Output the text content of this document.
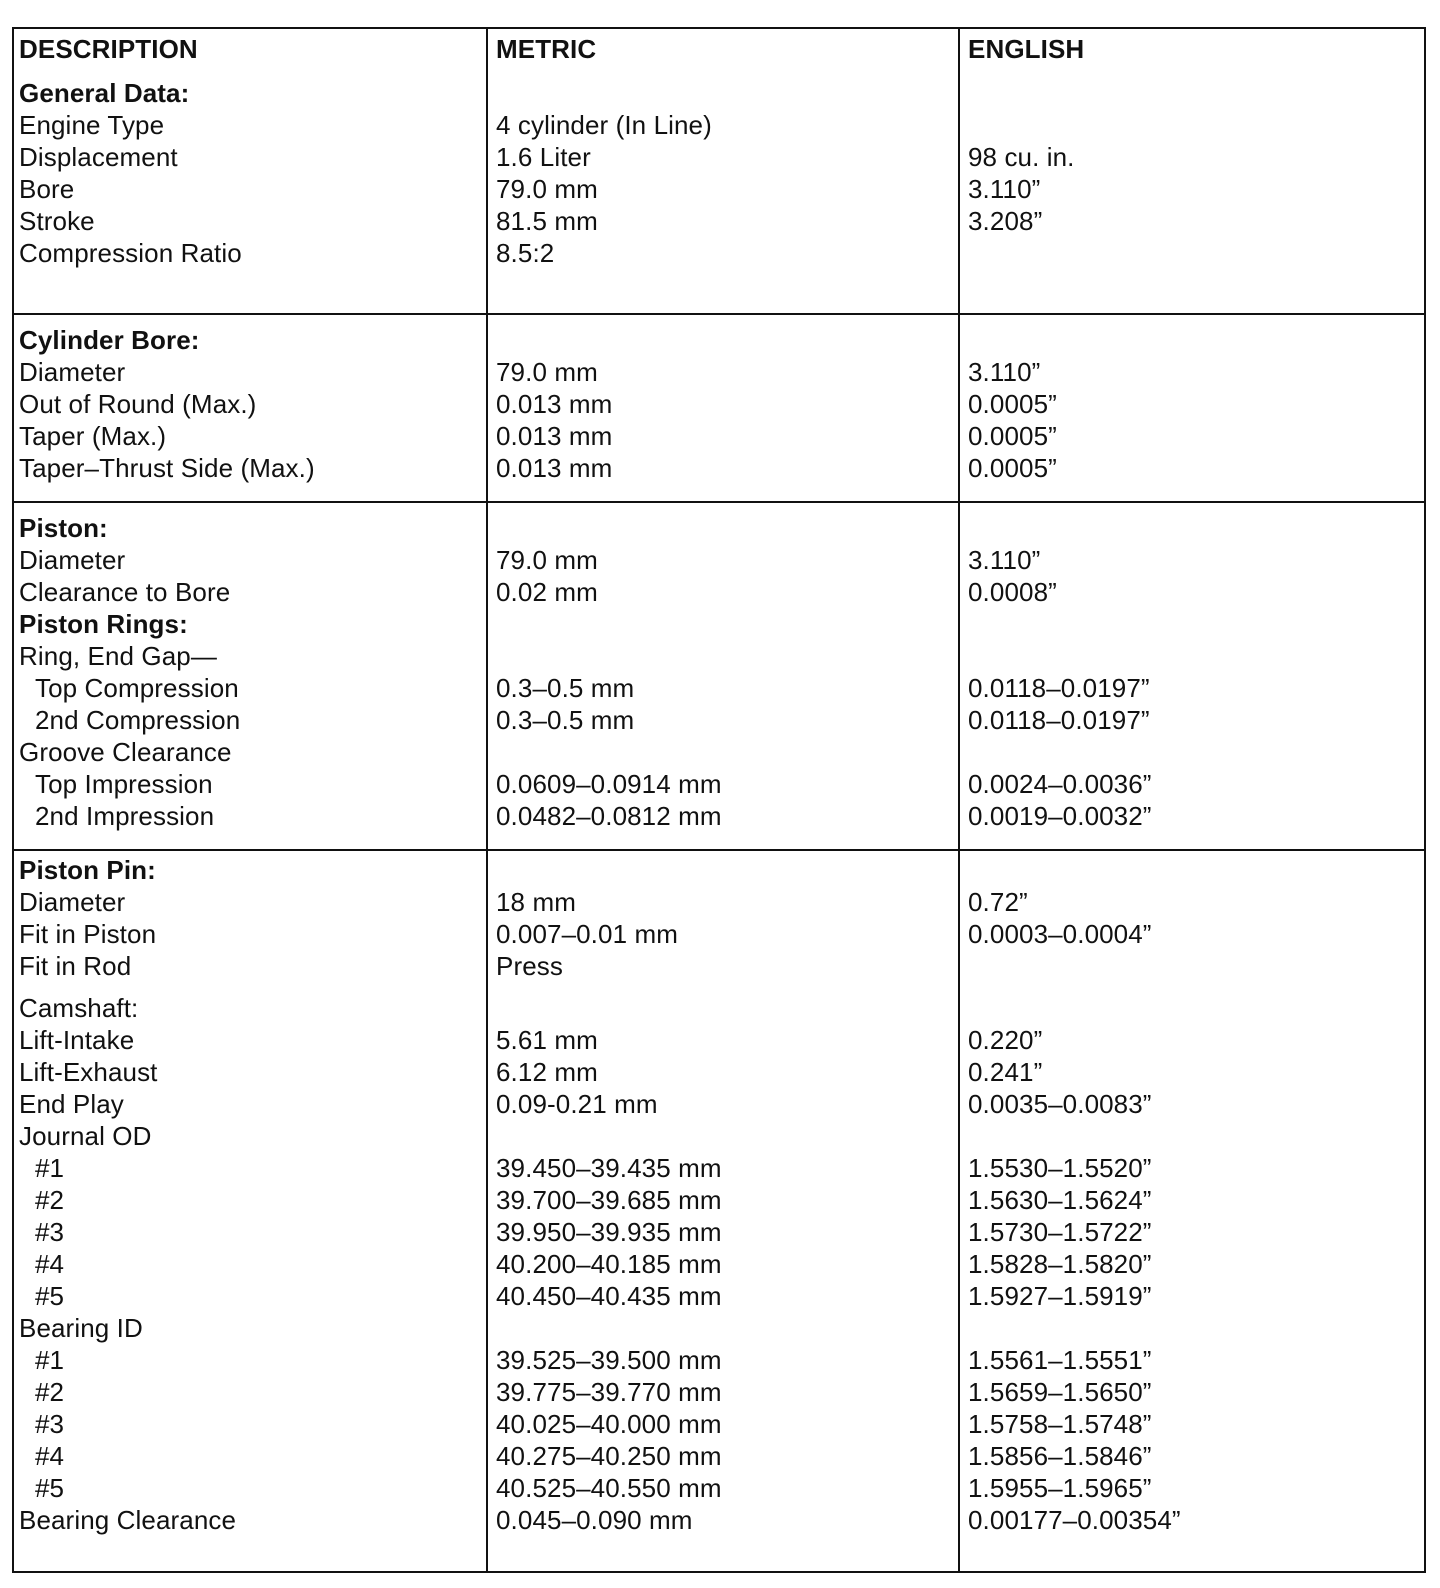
DESCRIPTION	METRIC	ENGLISH
General Data:
Engine Type	4 cylinder (In Line)
Displacement	1.6 Liter	98 cu. in.
Bore	79.0 mm	3.110”
Stroke	81.5 mm	3.208”
Compression Ratio	8.5:2
Cylinder Bore:
Diameter	79.0 mm	3.110”
Out of Round (Max.)	0.013 mm	0.0005”
Taper (Max.)	0.013 mm	0.0005”
Taper–Thrust Side (Max.)	0.013 mm	0.0005”
Piston:
Diameter	79.0 mm	3.110”
Clearance to Bore	0.02 mm	0.0008”
Piston Rings:
Ring, End Gap—
Top Compression	0.3–0.5 mm	0.0118–0.0197”
2nd Compression	0.3–0.5 mm	0.0118–0.0197”
Groove Clearance
Top Impression	0.0609–0.0914 mm	0.0024–0.0036”
2nd Impression	0.0482–0.0812 mm	0.0019–0.0032”
Piston Pin:
Diameter	18 mm	0.72”
Fit in Piston	0.007–0.01 mm	0.0003–0.0004”
Fit in Rod	Press
Camshaft:
Lift-Intake	5.61 mm	0.220”
Lift-Exhaust	6.12 mm	0.241”
End Play	0.09-0.21 mm	0.0035–0.0083”
Journal OD
#1	39.450–39.435 mm	1.5530–1.5520”
#2	39.700–39.685 mm	1.5630–1.5624”
#3	39.950–39.935 mm	1.5730–1.5722”
#4	40.200–40.185 mm	1.5828–1.5820”
#5	40.450–40.435 mm	1.5927–1.5919”
Bearing ID
#1	39.525–39.500 mm	1.5561–1.5551”
#2	39.775–39.770 mm	1.5659–1.5650”
#3	40.025–40.000 mm	1.5758–1.5748”
#4	40.275–40.250 mm	1.5856–1.5846”
#5	40.525–40.550 mm	1.5955–1.5965”
Bearing Clearance	0.045–0.090 mm	0.00177–0.00354”
